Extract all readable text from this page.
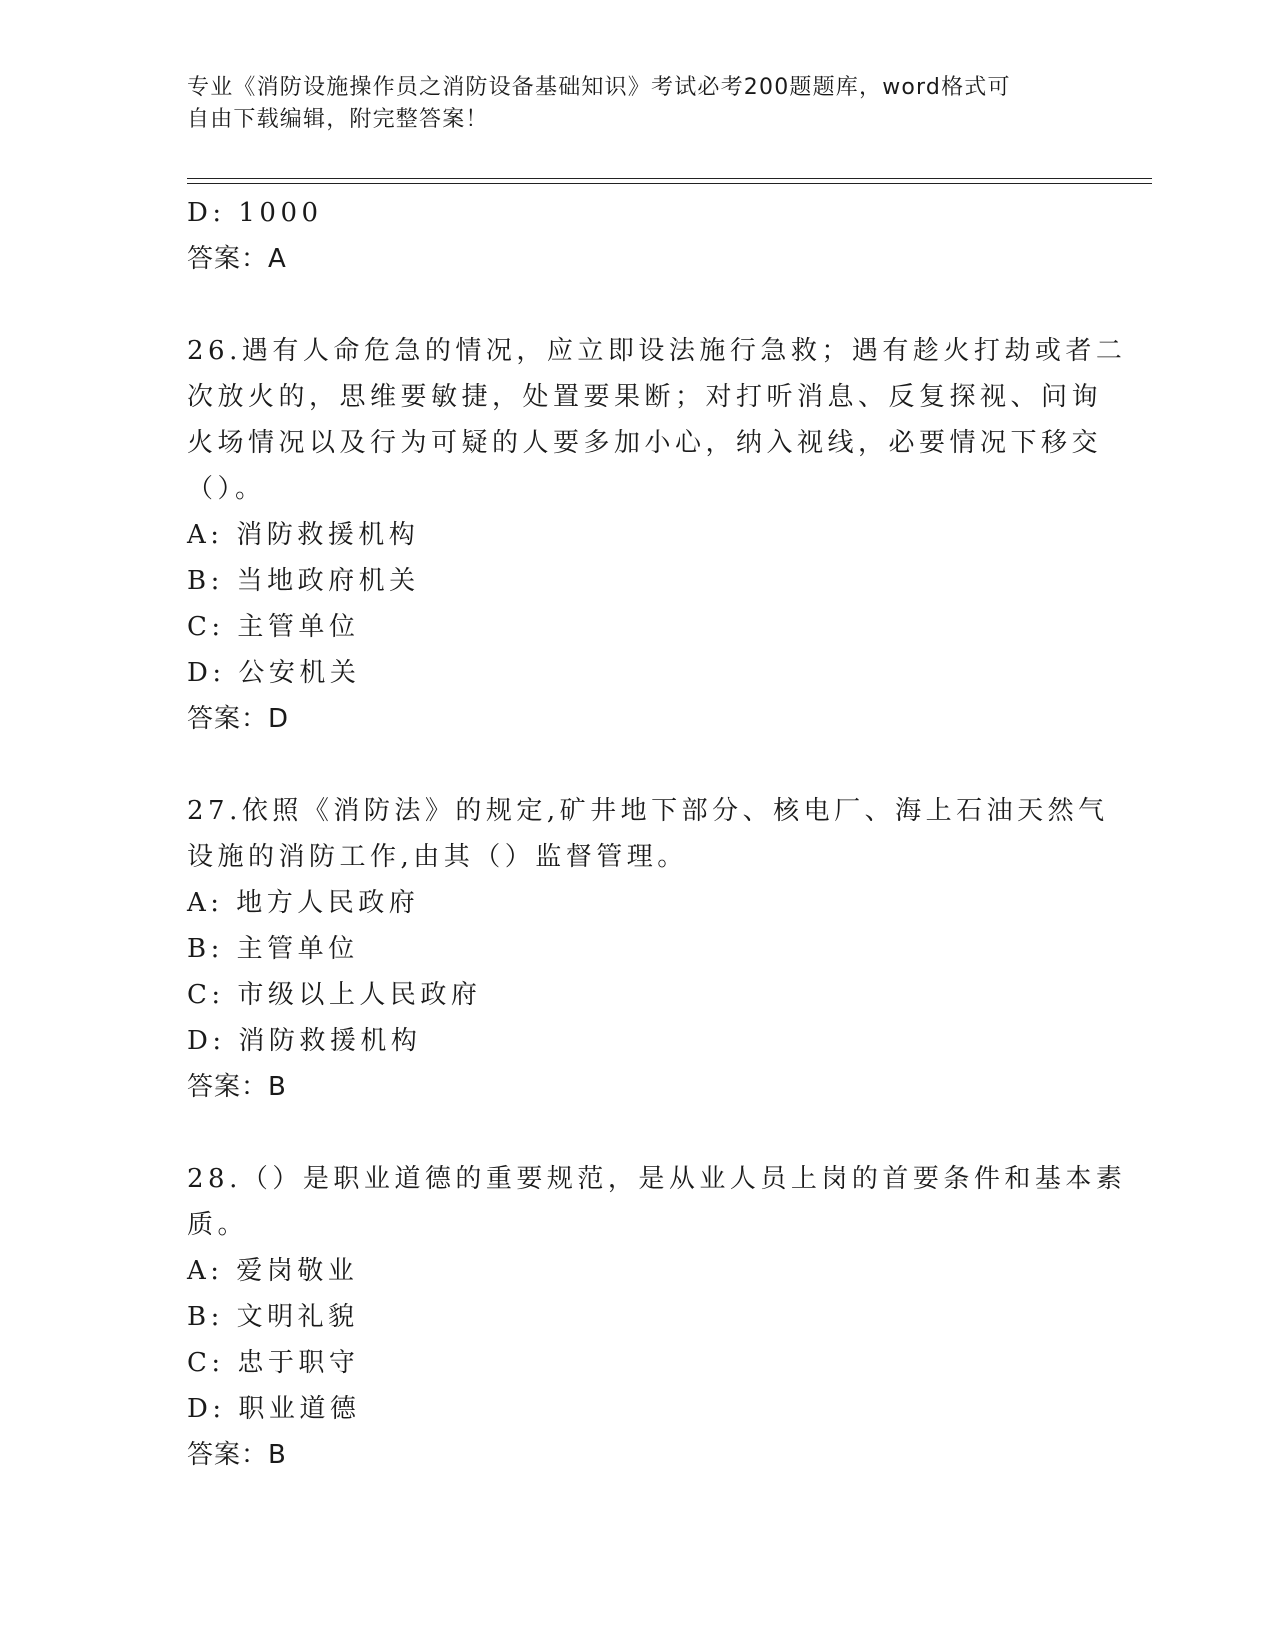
专业《消防设施操作员之消防设备基础知识》考试必考200题题库，word格式可
自由下载编辑，附完整答案！
D: 1000
答案：A
26.遇有人命危急的情况，应立即设法施行急救；遇有趁火打劫或者二
次放火的，思维要敏捷，处置要果断；对打听消息、反复探视、问询
火场情况以及行为可疑的人要多加小心，纳入视线，必要情况下移交
（）。
A: 消防救援机构
B: 当地政府机关
C: 主管单位
D: 公安机关
答案：D
27.依照《消防法》的规定,矿井地下部分、核电厂、海上石油天然气
设施的消防工作,由其（）监督管理。
A: 地方人民政府
B: 主管单位
C: 市级以上人民政府
D: 消防救援机构
答案：B
28.（）是职业道德的重要规范，是从业人员上岗的首要条件和基本素
质。
A: 爱岗敬业
B: 文明礼貌
C: 忠于职守
D: 职业道德
答案：B
